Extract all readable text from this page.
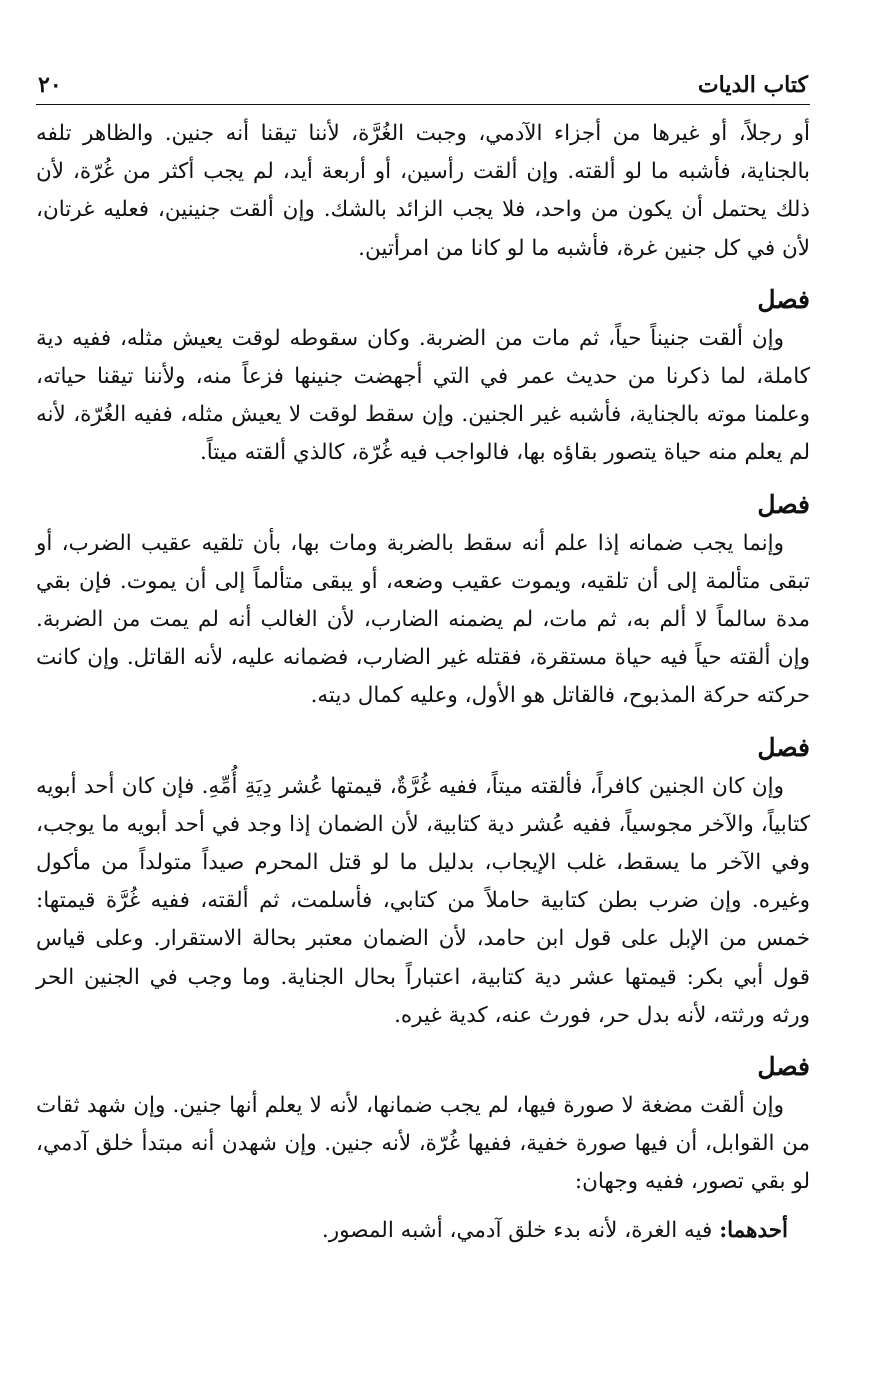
كتاب الديات
٢٠

أو رجلاً، أو غيرها من أجزاء الآدمي، وجبت الغُرَّة، لأننا تيقنا أنه جنين. والظاهر تلفه بالجناية، فأشبه ما لو ألقته. وإن ألقت رأسين، أو أربعة أيد، لم يجب أكثر من غُرّة، لأن ذلك يحتمل أن يكون من واحد، فلا يجب الزائد بالشك. وإن ألقت جنينين، فعليه غرتان، لأن في كل جنين غرة، فأشبه ما لو كانا من امرأتين.

فصل

وإن ألقت جنيناً حياً، ثم مات من الضربة. وكان سقوطه لوقت يعيش مثله، ففيه دية كاملة، لما ذكرنا من حديث عمر في التي أجهضت جنينها فزعاً منه، ولأننا تيقنا حياته، وعلمنا موته بالجناية، فأشبه غير الجنين. وإن سقط لوقت لا يعيش مثله، ففيه الغُرّة، لأنه لم يعلم منه حياة يتصور بقاؤه بها، فالواجب فيه غُرّة، كالذي ألقته ميتاً.

فصل

وإنما يجب ضمانه إذا علم أنه سقط بالضربة ومات بها، بأن تلقيه عقيب الضرب، أو تبقى متألمة إلى أن تلقيه، ويموت عقيب وضعه، أو يبقى متألماً إلى أن يموت. فإن بقي مدة سالماً لا ألم به، ثم مات، لم يضمنه الضارب، لأن الغالب أنه لم يمت من الضربة. وإن ألقته حياً فيه حياة مستقرة، فقتله غير الضارب، فضمانه عليه، لأنه القاتل. وإن كانت حركته حركة المذبوح، فالقاتل هو الأول، وعليه كمال ديته.

فصل

وإن كان الجنين كافراً، فألقته ميتاً، ففيه غُرَّةٌ، قيمتها عُشر دِيَةِ أُمِّهِ. فإن كان أحد أبويه كتابياً، والآخر مجوسياً، ففيه عُشر دية كتابية، لأن الضمان إذا وجد في أحد أبويه ما يوجب، وفي الآخر ما يسقط، غلب الإيجاب، بدليل ما لو قتل المحرم صيداً متولداً من مأكول وغيره. وإن ضرب بطن كتابية حاملاً من كتابي، فأسلمت، ثم ألقته، ففيه غُرَّة قيمتها: خمس من الإبل على قول ابن حامد، لأن الضمان معتبر بحالة الاستقرار. وعلى قياس قول أبي بكر: قيمتها عشر دية كتابية، اعتباراً بحال الجناية. وما وجب في الجنين الحر ورثه ورثته، لأنه بدل حر، فورث عنه، كدية غيره.

فصل

وإن ألقت مضغة لا صورة فيها، لم يجب ضمانها، لأنه لا يعلم أنها جنين. وإن شهد ثقات من القوابل، أن فيها صورة خفية، ففيها غُرّة، لأنه جنين. وإن شهدن أنه مبتدأ خلق آدمي، لو بقي تصور، ففيه وجهان:

أحدهما: فيه الغرة، لأنه بدء خلق آدمي، أشبه المصور.
